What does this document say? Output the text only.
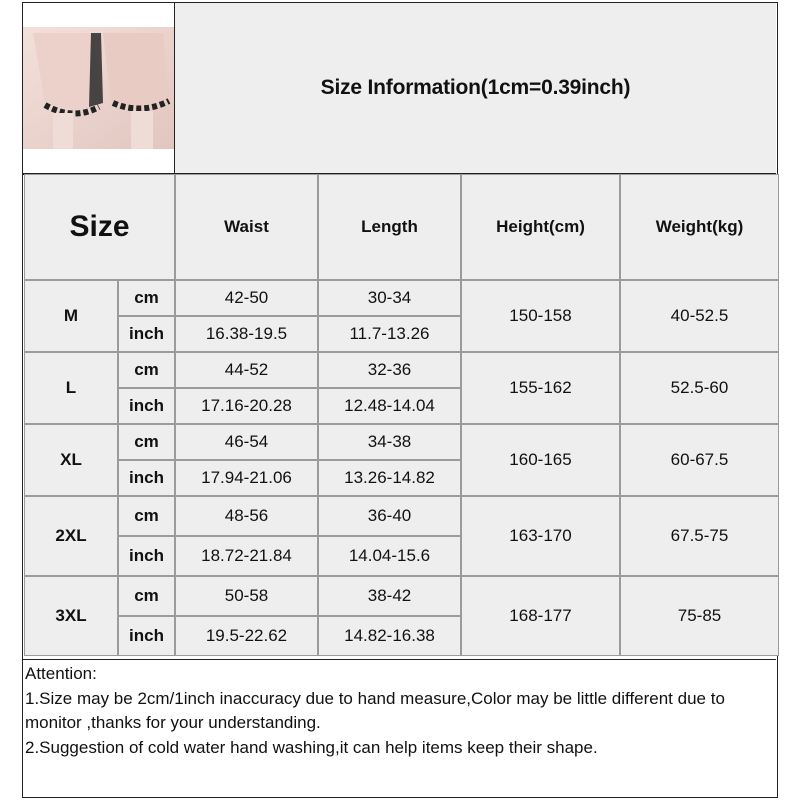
Size Information(1cm=0.39inch)
Size		Waist	Length	Height(cm)	Weight(kg)
M	cm	42-50	30-34	150-158	40-52.5
	inch	16.38-19.5	11.7-13.26		
L	cm	44-52	32-36	155-162	52.5-60
	inch	17.16-20.28	12.48-14.04		
XL	cm	46-54	34-38	160-165	60-67.5
	inch	17.94-21.06	13.26-14.82		
2XL	cm	48-56	36-40	163-170	67.5-75
	inch	18.72-21.84	14.04-15.6		
3XL	cm	50-58	38-42	168-177	75-85
	inch	19.5-22.62	14.82-16.38		
Attention:
1.Size may be 2cm/1inch inaccuracy due to hand measure,Color may be little different due to monitor ,thanks for your understanding.
2.Suggestion of cold water hand washing,it can help items keep their shape.
